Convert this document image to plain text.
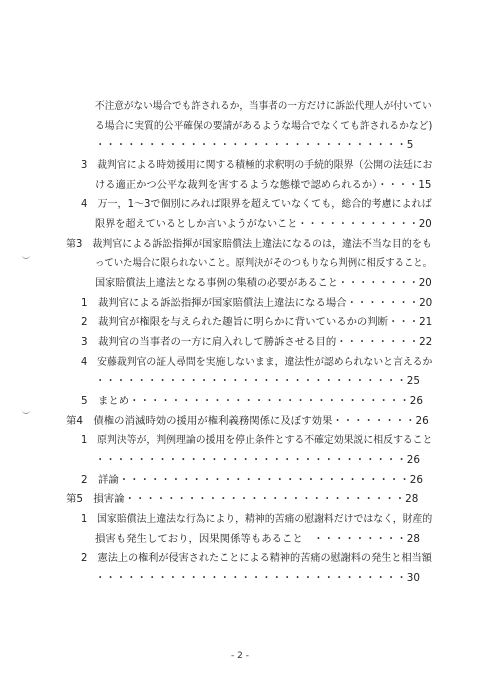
不注意がない場合でも許されるか，当事者の一方だけに訴訟代理人が付いてい
る場合に実質的公平確保の要請があるような場合でなくても許されるかなど)
・・・・・・・・・・・・・・・・・・・・・・・・・・・・・・5
3　裁判官による時効援用に関する積極的求釈明の手続的限界（公開の法廷にお
ける適正かつ公平な裁判を害するような態様で認められるか）・・・・15
4　万一，1〜3で個別にみれば限界を超えていなくても，総合的考慮によれば
限界を超えているとしか言いようがないこと・・・・・・・・・・・・20
第3　裁判官による訴訟指揮が国家賠償法上違法になるのは，違法不当な目的をも
っていた場合に限られないこと。原判決がそのつもりなら判例に相反すること。
国家賠償法上違法となる事例の集積の必要があること・・・・・・・・20
1　裁判官による訴訟指揮が国家賠償法上違法になる場合・・・・・・・20
2　裁判官が権限を与えられた趣旨に明らかに背いているかの判断・・・21
3　裁判官の当事者の一方に肩入れして勝訴させる目的・・・・・・・・22
4　安藤裁判官の証人尋問を実施しないまま，違法性が認められないと言えるか
・・・・・・・・・・・・・・・・・・・・・・・・・・・・・・25
5　まとめ・・・・・・・・・・・・・・・・・・・・・・・・・・・26
第4　債権の消滅時効の援用が権利義務関係に及ぼす効果・・・・・・・・26
1　原判決等が，判例理論の援用を停止条件とする不確定効果説に相反すること
・・・・・・・・・・・・・・・・・・・・・・・・・・・・・・26
2　詳論・・・・・・・・・・・・・・・・・・・・・・・・・・・・26
第5　損害論・・・・・・・・・・・・・・・・・・・・・・・・・・・28
1　国家賠償法上違法な行為により，精神的苦痛の慰謝料だけではなく，財産的
損害も発生しており，因果関係等もあること　・・・・・・・・・28
2　憲法上の権利が侵害されたことによる精神的苦痛の慰謝料の発生と相当額
・・・・・・・・・・・・・・・・・・・・・・・・・・・・・・30
- 2 -
